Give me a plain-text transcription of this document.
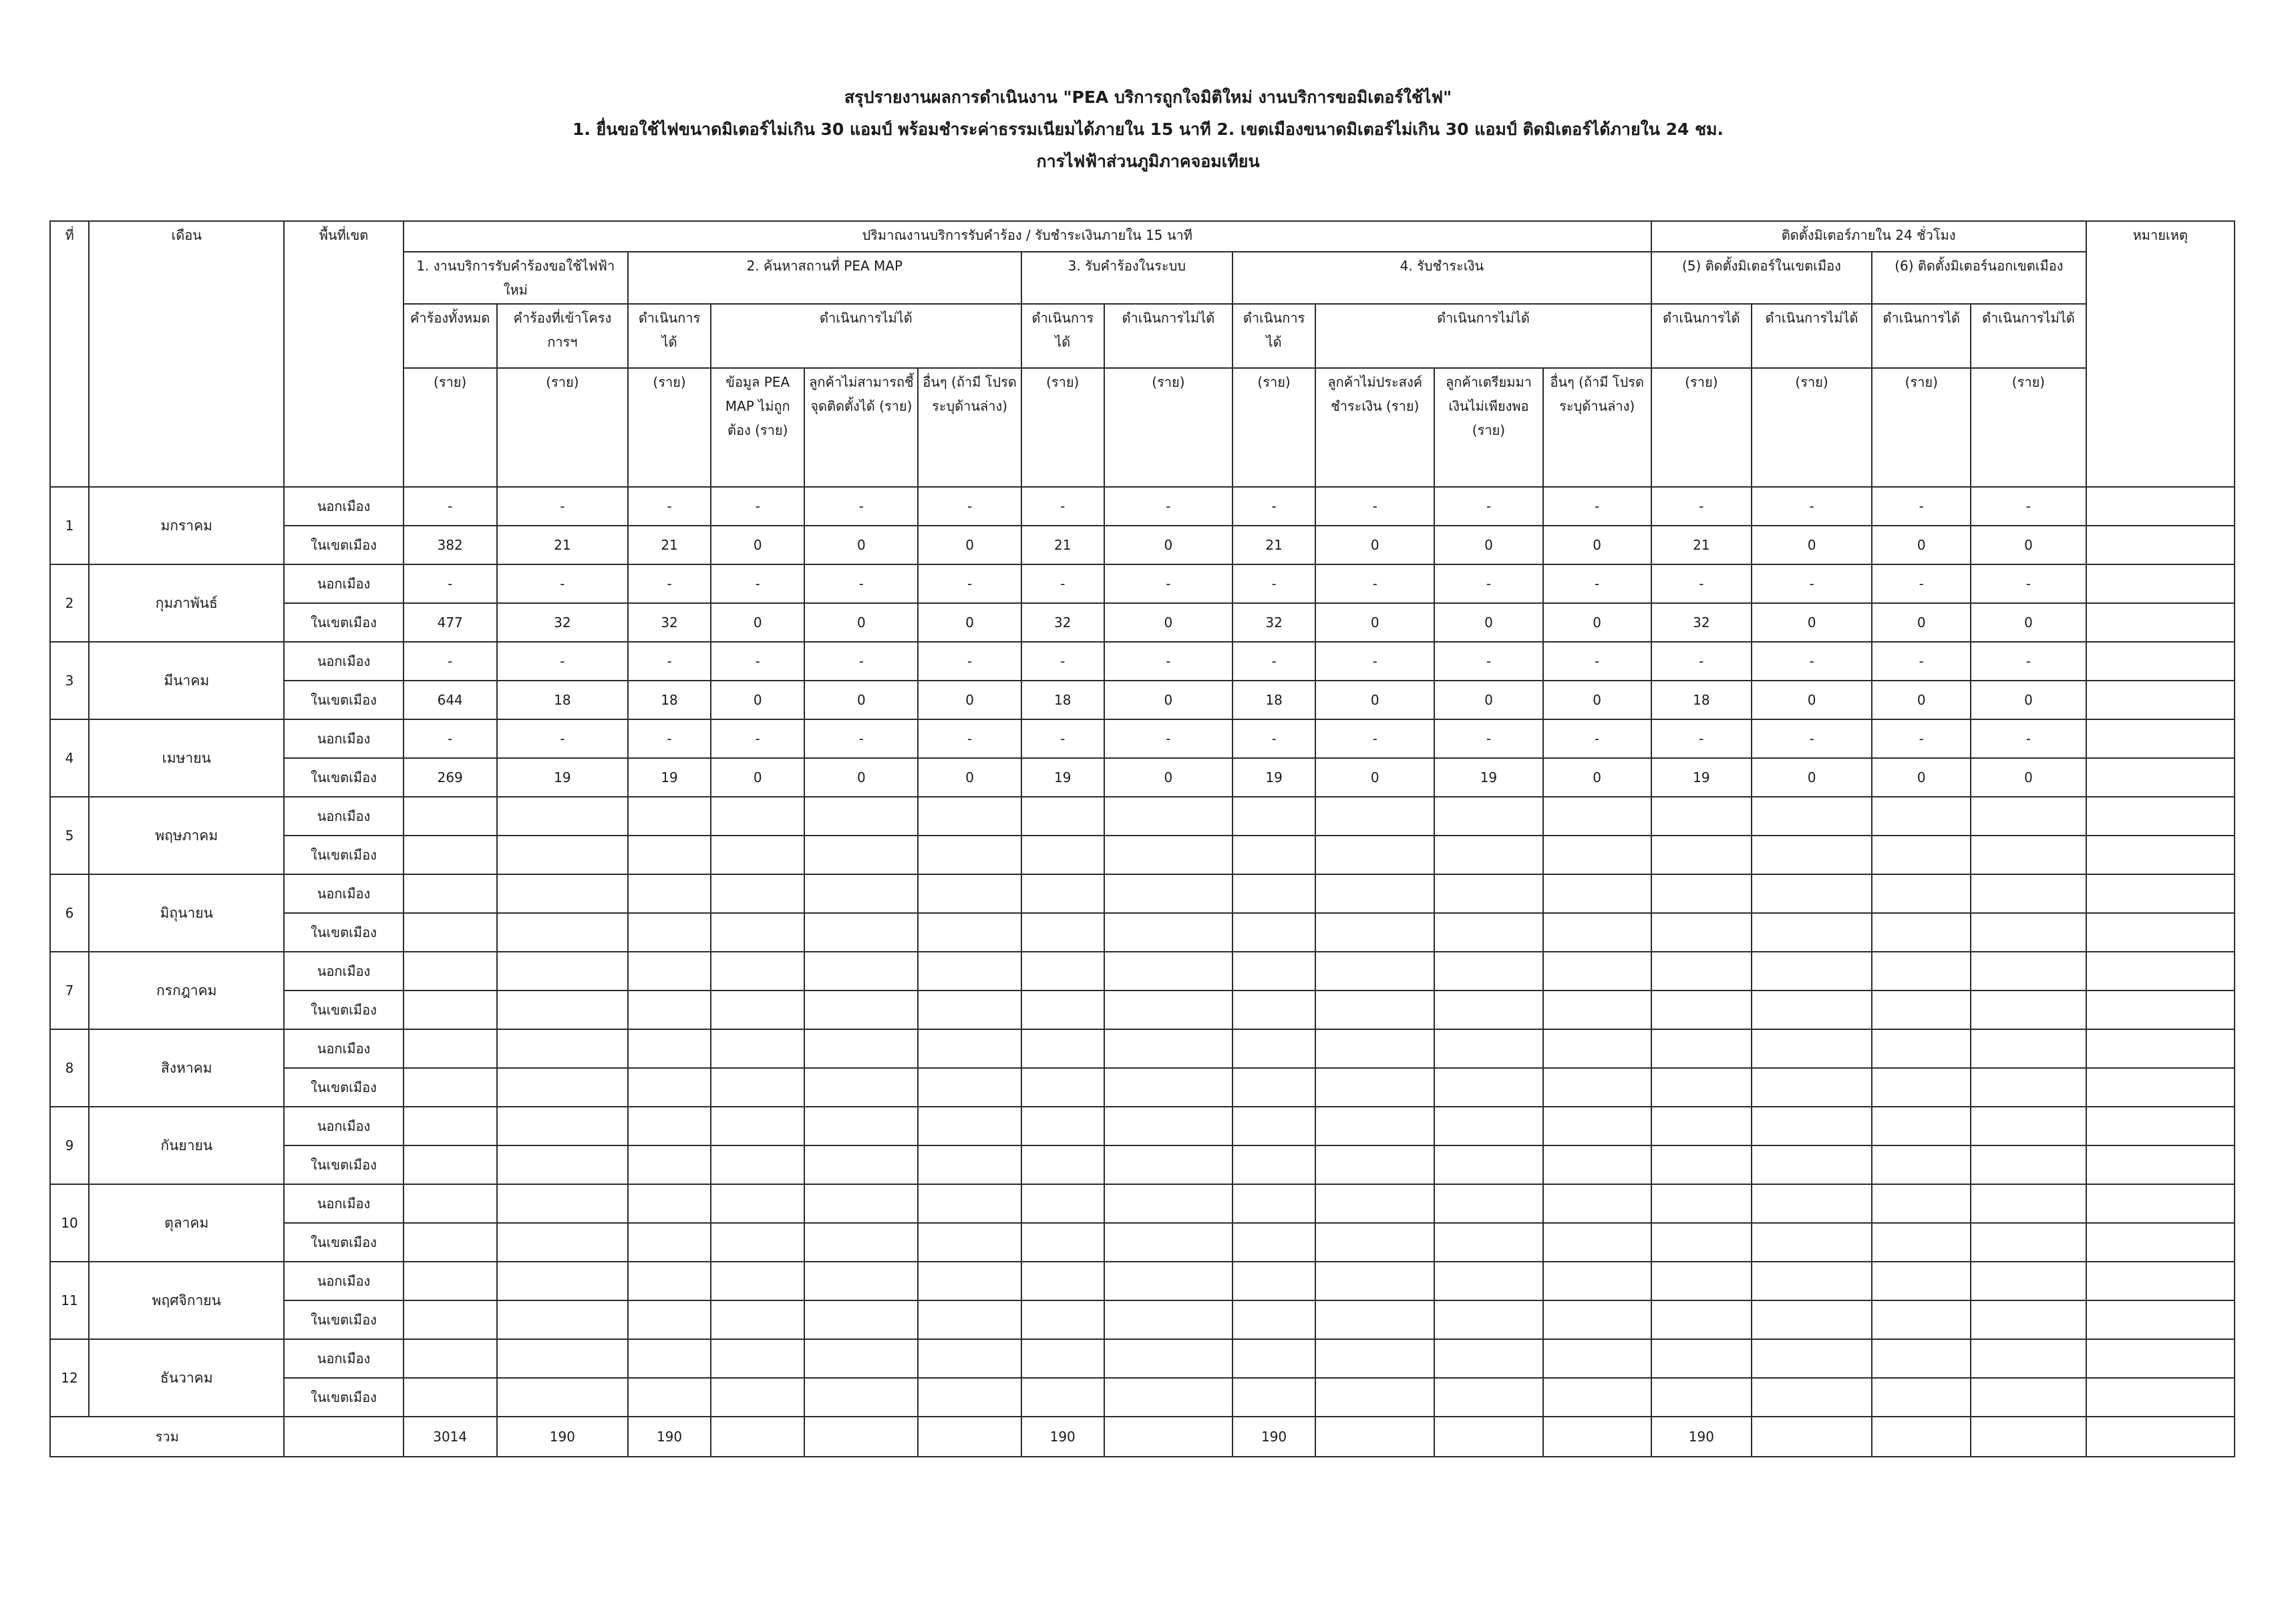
สรุปรายงานผลการดำเนินงาน "PEA บริการถูกใจมิติใหม่ งานบริการขอมิเตอร์ใช้ไฟ"
1. ยื่นขอใช้ไฟขนาดมิเตอร์ไม่เกิน 30 แอมป์ พร้อมชำระค่าธรรมเนียมได้ภายใน 15 นาที 2. เขตเมืองขนาดมิเตอร์ไม่เกิน 30 แอมป์ ติดมิเตอร์ได้ภายใน 24 ชม.
การไฟฟ้าส่วนภูมิภาคจอมเทียน
ที่	เดือน	พื้นที่เขต	ปริมาณงานบริการรับคำร้อง / รับชำระเงินภายใน 15 นาที												ติดตั้งมิเตอร์ภายใน 24 ชั่วโมง				หมายเหตุ
			1. งานบริการรับคำร้องขอใช้ไฟฟ้าใหม่		2. ค้นหาสถานที่ PEA MAP				3. รับคำร้องในระบบ		4. รับชำระเงิน				(5) ติดตั้งมิเตอร์ในเขตเมือง		(6) ติดตั้งมิเตอร์นอกเขตเมือง		
			คำร้องทั้งหมด	คำร้องที่เข้าโครงการฯ	ดำเนินการได้	ดำเนินการไม่ได้			ดำเนินการได้	ดำเนินการไม่ได้	ดำเนินการได้	ดำเนินการไม่ได้			ดำเนินการได้	ดำเนินการไม่ได้	ดำเนินการได้	ดำเนินการไม่ได้	
			(ราย)	(ราย)	(ราย)	ข้อมูล PEA MAP ไม่ถูกต้อง (ราย)	ลูกค้าไม่สามารถชี้จุดติดตั้งได้ (ราย)	อื่นๆ (ถ้ามี โปรดระบุด้านล่าง)	(ราย)	(ราย)	(ราย)	ลูกค้าไม่ประสงค์ชำระเงิน (ราย)	ลูกค้าเตรียมมาเงินไม่เพียงพอ (ราย)	อื่นๆ (ถ้ามี โปรดระบุด้านล่าง)	(ราย)	(ราย)	(ราย)	(ราย)	
1	มกราคม	นอกเมือง	-	-	-	-	-	-	-	-	-	-	-	-	-	-	-	-	
		ในเขตเมือง	382	21	21	0	0	0	21	0	21	0	0	0	21	0	0	0	
2	กุมภาพันธ์	นอกเมือง	-	-	-	-	-	-	-	-	-	-	-	-	-	-	-	-	
		ในเขตเมือง	477	32	32	0	0	0	32	0	32	0	0	0	32	0	0	0	
3	มีนาคม	นอกเมือง	-	-	-	-	-	-	-	-	-	-	-	-	-	-	-	-	
		ในเขตเมือง	644	18	18	0	0	0	18	0	18	0	0	0	18	0	0	0	
4	เมษายน	นอกเมือง	-	-	-	-	-	-	-	-	-	-	-	-	-	-	-	-	
		ในเขตเมือง	269	19	19	0	0	0	19	0	19	0	19	0	19	0	0	0	
5	พฤษภาคม	นอกเมือง																	
		ในเขตเมือง																	
6	มิถุนายน	นอกเมือง																	
		ในเขตเมือง																	
7	กรกฎาคม	นอกเมือง																	
		ในเขตเมือง																	
8	สิงหาคม	นอกเมือง																	
		ในเขตเมือง																	
9	กันยายน	นอกเมือง																	
		ในเขตเมือง																	
10	ตุลาคม	นอกเมือง																	
		ในเขตเมือง																	
11	พฤศจิกายน	นอกเมือง																	
		ในเขตเมือง																	
12	ธันวาคม	นอกเมือง																	
		ในเขตเมือง																	
รวม			3014	190	190				190		190				190				
